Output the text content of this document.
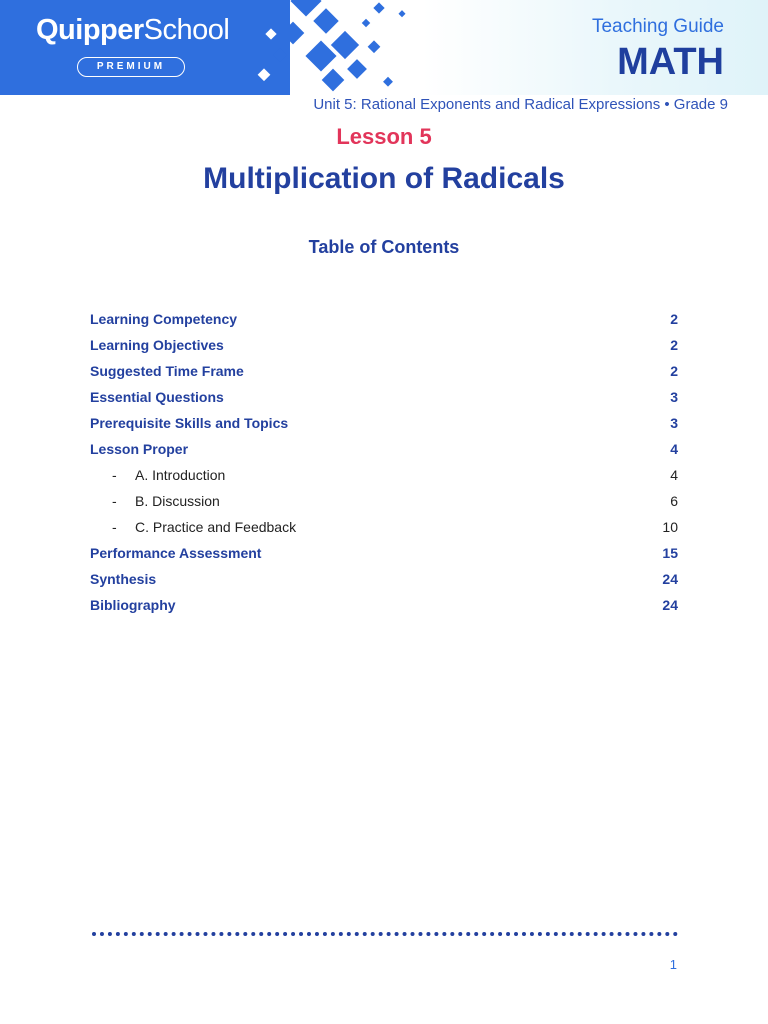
QuipperSchool
PREMIUM
Teaching Guide
MATH
Unit 5: Rational Exponents and Radical Expressions • Grade 9
Lesson 5
Multiplication of Radicals
Table of Contents
Learning Competency	2
Learning Objectives	2
Suggested Time Frame	2
Essential Questions	3
Prerequisite Skills and Topics	3
Lesson Proper	4
- A. Introduction	4
- B. Discussion	6
- C. Practice and Feedback	10
Performance Assessment	15
Synthesis	24
Bibliography	24
1
